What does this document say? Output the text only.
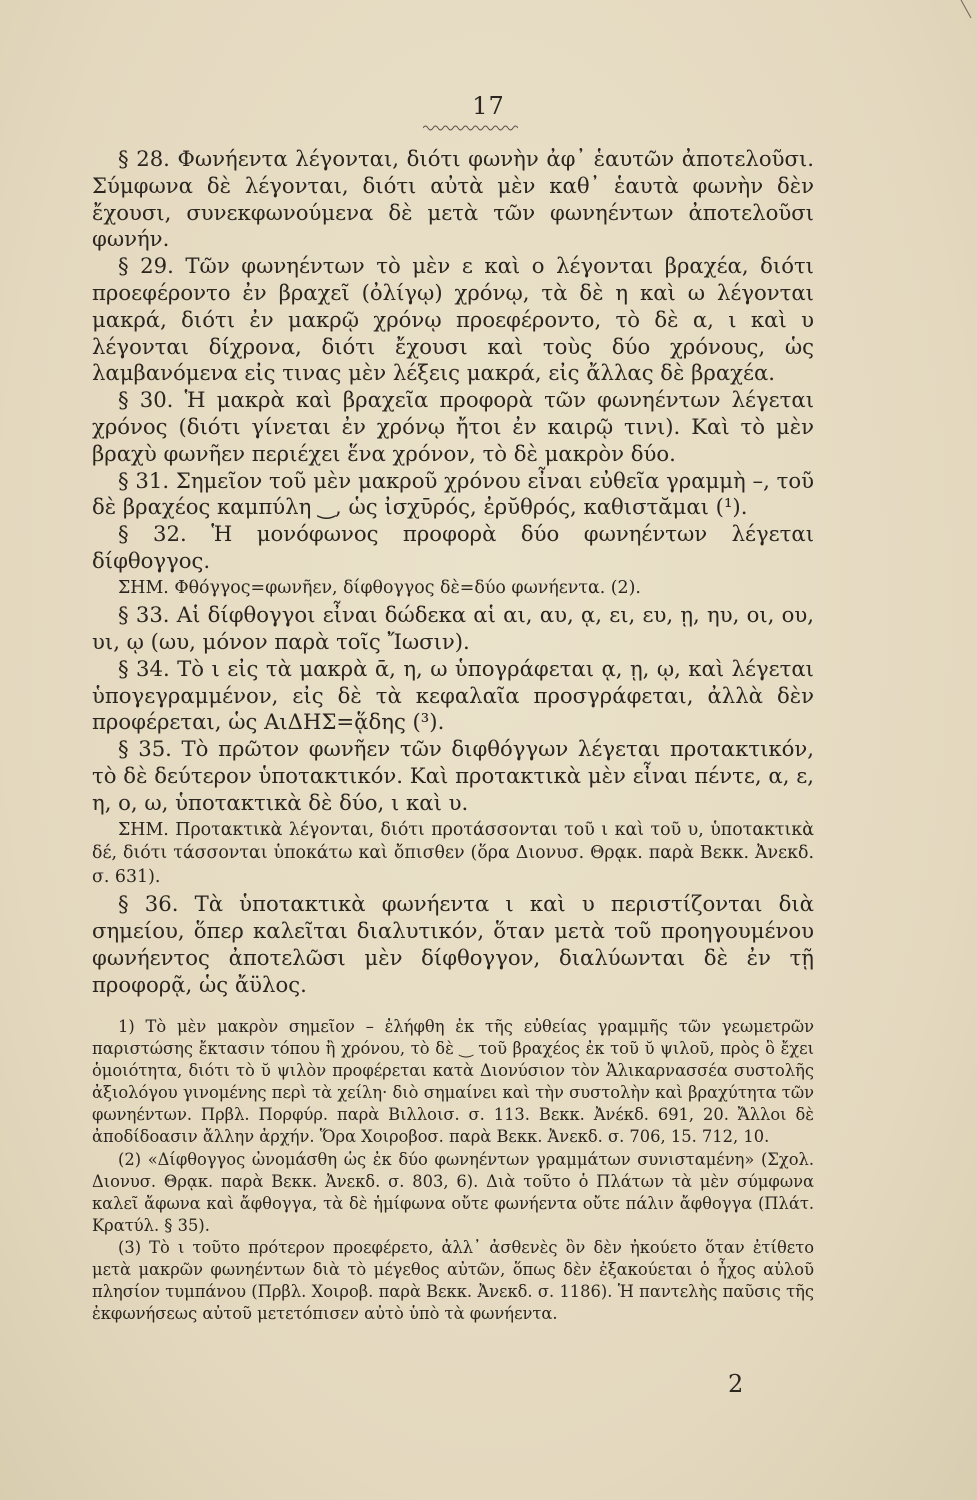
17

§ 28. Φωνήεντα λέγονται, διότι φωνὴν ἀφ᾽ ἑαυτῶν ἀποτελοῦσι. Σύμφωνα δὲ λέγονται, διότι αὐτὰ μὲν καθ᾽ ἑαυτὰ φωνὴν δὲν ἔχουσι, συνεκφωνούμενα δὲ μετὰ τῶν φωνηέντων ἀποτελοῦσι φωνήν.

§ 29. Τῶν φωνηέντων τὸ μὲν ε καὶ ο λέγονται βραχέα, διότι προεφέροντο ἐν βραχεῖ (ὀλίγῳ) χρόνῳ, τὰ δὲ η καὶ ω λέγονται μακρά, διότι ἐν μακρῷ χρόνῳ προεφέροντο, τὸ δὲ α, ι καὶ υ λέγονται δίχρονα, διότι ἔχουσι καὶ τοὺς δύο χρόνους, ὡς λαμβανόμενα εἰς τινας μὲν λέξεις μακρά, εἰς ἄλλας δὲ βραχέα.

§ 30. Ἡ μακρὰ καὶ βραχεῖα προφορὰ τῶν φωνηέντων λέγεται χρόνος (διότι γίνεται ἐν χρόνῳ ἤτοι ἐν καιρῷ τινι). Καὶ τὸ μὲν βραχὺ φωνῆεν περιέχει ἕνα χρόνον, τὸ δὲ μακρὸν δύο.

§ 31. Σημεῖον τοῦ μὲν μακροῦ χρόνου εἶναι εὐθεῖα γραμμὴ –, τοῦ δὲ βραχέος καμπύλη ‿, ὡς ἰσχῡρός, ἐρῠθρός, καθιστᾰμαι (¹).

§ 32. Ἡ μονόφωνος προφορὰ δύο φωνηέντων λέγεται δίφθογγος.

ΣΗΜ. Φθόγγος=φωνῆεν, δίφθογγος δὲ=δύο φωνήεντα. (2).

§ 33. Αἱ δίφθογγοι εἶναι δώδεκα αἱ αι, αυ, ᾳ, ει, ευ, ῃ, ηυ, οι, ου, υι, ῳ (ωυ, μόνον παρὰ τοῖς Ἴωσιν).

§ 34. Τὸ ι εἰς τὰ μακρὰ ᾱ, η, ω ὑπογράφεται ᾳ, ῃ, ῳ, καὶ λέγεται ὑπογεγραμμένον, εἰς δὲ τὰ κεφαλαῖα προσγράφεται, ἀλλὰ δὲν προφέρεται, ὡς ΑιΔΗΣ=ᾅδης (³).

§ 35. Τὸ πρῶτον φωνῆεν τῶν διφθόγγων λέγεται προτακτικόν, τὸ δὲ δεύτερον ὑποτακτικόν. Καὶ προτακτικὰ μὲν εἶναι πέντε, α, ε, η, ο, ω, ὑποτακτικὰ δὲ δύο, ι καὶ υ.

ΣΗΜ. Προτακτικὰ λέγονται, διότι προτάσσονται τοῦ ι καὶ τοῦ υ, ὑποτακτικὰ δέ, διότι τάσσονται ὑποκάτω καὶ ὄπισθεν (ὅρα Διονυσ. Θρᾳκ. παρὰ Βεκκ. Ἀνεκδ. σ. 631).

§ 36. Τὰ ὑποτακτικὰ φωνήεντα ι καὶ υ περιστίζονται διὰ σημείου, ὅπερ καλεῖται διαλυτικόν, ὅταν μετὰ τοῦ προηγουμένου φωνήεντος ἀποτελῶσι μὲν δίφθογγον, διαλύωνται δὲ ἐν τῇ προφορᾷ, ὡς ἄϋλος.

1) Τὸ μὲν μακρὸν σημεῖον – ἐλήφθη ἐκ τῆς εὐθείας γραμμῆς τῶν γεωμετρῶν παριστώσης ἔκτασιν τόπου ἢ χρόνου, τὸ δὲ ‿ τοῦ βραχέος ἐκ τοῦ ῠ ψιλοῦ, πρὸς ὃ ἔχει ὁμοιότητα, διότι τὸ ῠ ψιλὸν προφέρεται κατὰ Διονύσιον τὸν Ἁλικαρνασσέα συστολῆς ἀξιολόγου γινομένης περὶ τὰ χείλη· διὸ σημαίνει καὶ τὴν συστολὴν καὶ βραχύτητα τῶν φωνηέντων. Πρβλ. Πορφύρ. παρὰ Βιλλοισ. σ. 113. Βεκκ. Ἀνέκδ. 691, 20. Ἄλλοι δὲ ἀποδίδοασιν ἄλλην ἀρχήν. Ὅρα Χοιροβοσ. παρὰ Βεκκ. Ἀνεκδ. σ. 706, 15. 712, 10.

(2) «Δίφθογγος ὠνομάσθη ὡς ἐκ δύο φωνηέντων γραμμάτων συνισταμένη» (Σχολ. Διονυσ. Θρᾳκ. παρὰ Βεκκ. Ἀνεκδ. σ. 803, 6). Διὰ τοῦτο ὁ Πλάτων τὰ μὲν σύμφωνα καλεῖ ἄφωνα καὶ ἄφθογγα, τὰ δὲ ἡμίφωνα οὔτε φωνήεντα οὔτε πάλιν ἄφθογγα (Πλάτ. Κρατύλ. § 35).

(3) Τὸ ι τοῦτο πρότερον προεφέρετο, ἀλλ᾽ ἀσθενὲς ὂν δὲν ἠκούετο ὅταν ἐτίθετο μετὰ μακρῶν φωνηέντων διὰ τὸ μέγεθος αὐτῶν, ὅπως δὲν ἐξακούεται ὁ ἦχος αὐλοῦ πλησίον τυμπάνου (Πρβλ. Χοιροβ. παρὰ Βεκκ. Ἀνεκδ. σ. 1186). Ἡ παντελὴς παῦσις τῆς ἐκφωνήσεως αὐτοῦ μετετόπισεν αὐτὸ ὑπὸ τὰ φωνήεντα.

2
